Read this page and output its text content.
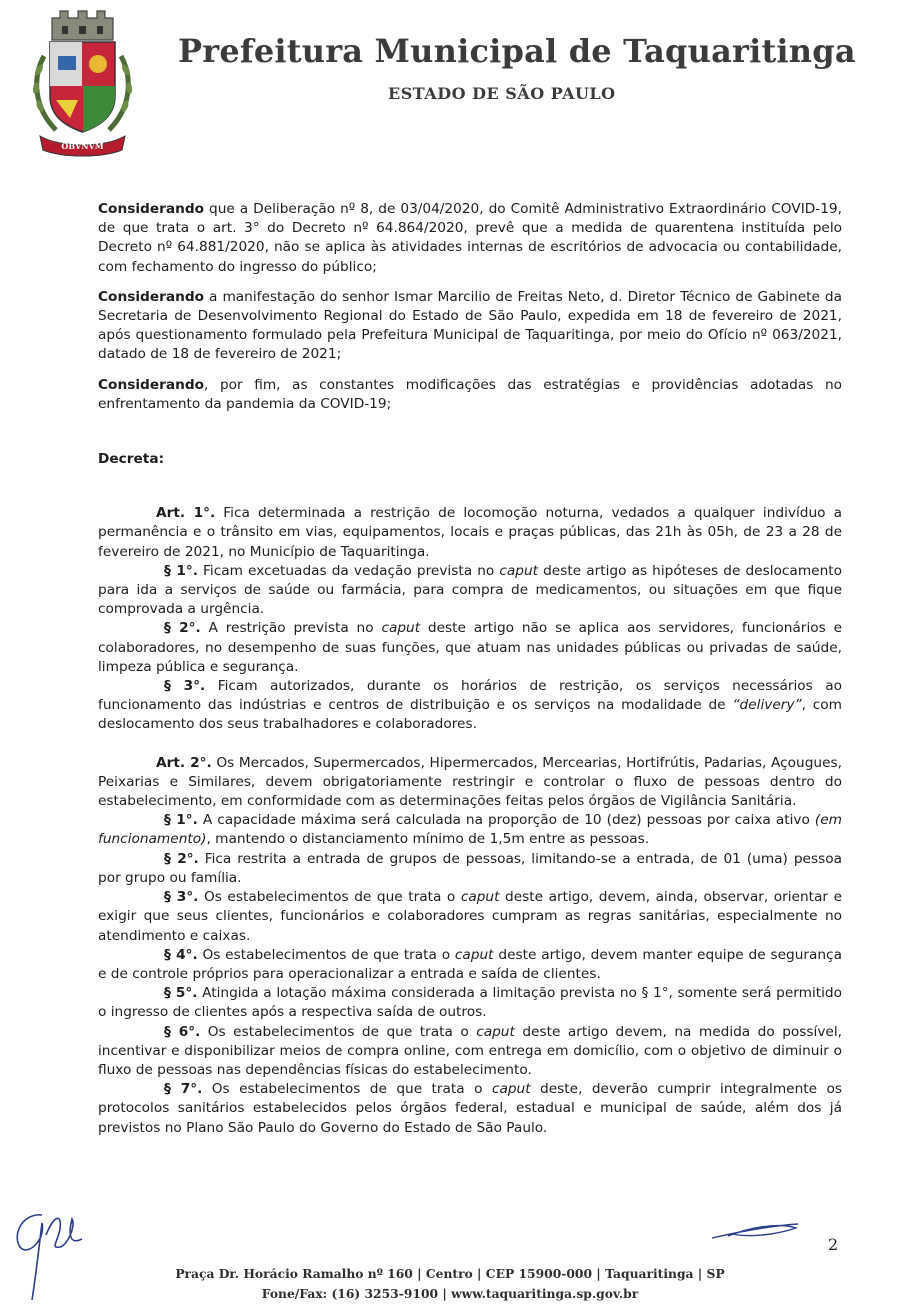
OBVNVM
Prefeitura Municipal de Taquaritinga
ESTADO DE SÃO PAULO

Considerando que a Deliberação nº 8, de 03/04/2020, do Comitê Administrativo Extraordinário COVID-19, de que trata o art. 3° do Decreto nº 64.864/2020, prevê que a medida de quarentena instituída pelo Decreto nº 64.881/2020, não se aplica às atividades internas de escritórios de advocacia ou contabilidade, com fechamento do ingresso do público;

Considerando a manifestação do senhor Ismar Marcilio de Freitas Neto, d. Diretor Técnico de Gabinete da Secretaria de Desenvolvimento Regional do Estado de São Paulo, expedida em 18 de fevereiro de 2021, após questionamento formulado pela Prefeitura Municipal de Taquaritinga, por meio do Ofício nº 063/2021, datado de 18 de fevereiro de 2021;

Considerando, por fim, as constantes modificações das estratégias e providências adotadas no enfrentamento da pandemia da COVID-19;

Decreta:

Art. 1°. Fica determinada a restrição de locomoção noturna, vedados a qualquer indivíduo a permanência e o trânsito em vias, equipamentos, locais e praças públicas, das 21h às 05h, de 23 a 28 de fevereiro de 2021, no Município de Taquaritinga.

§ 1°. Ficam excetuadas da vedação prevista no caput deste artigo as hipóteses de deslocamento para ida a serviços de saúde ou farmácia, para compra de medicamentos, ou situações em que fique comprovada a urgência.

§ 2°. A restrição prevista no caput deste artigo não se aplica aos servidores, funcionários e colaboradores, no desempenho de suas funções, que atuam nas unidades públicas ou privadas de saúde, limpeza pública e segurança.

§ 3°. Ficam autorizados, durante os horários de restrição, os serviços necessários ao funcionamento das indústrias e centros de distribuição e os serviços na modalidade de “delivery”, com deslocamento dos seus trabalhadores e colaboradores.

Art. 2°. Os Mercados, Supermercados, Hipermercados, Mercearias, Hortifrútis, Padarias, Açougues, Peixarias e Similares, devem obrigatoriamente restringir e controlar o fluxo de pessoas dentro do estabelecimento, em conformidade com as determinações feitas pelos órgãos de Vigilância Sanitária.

§ 1°. A capacidade máxima será calculada na proporção de 10 (dez) pessoas por caixa ativo (em funcionamento), mantendo o distanciamento mínimo de 1,5m entre as pessoas.

§ 2°. Fica restrita a entrada de grupos de pessoas, limitando-se a entrada, de 01 (uma) pessoa por grupo ou família.

§ 3°. Os estabelecimentos de que trata o caput deste artigo, devem, ainda, observar, orientar e exigir que seus clientes, funcionários e colaboradores cumpram as regras sanitárias, especialmente no atendimento e caixas.

§ 4°. Os estabelecimentos de que trata o caput deste artigo, devem manter equipe de segurança e de controle próprios para operacionalizar a entrada e saída de clientes.

§ 5°. Atingida a lotação máxima considerada a limitação prevista no § 1°, somente será permitido o ingresso de clientes após a respectiva saída de outros.

§ 6°. Os estabelecimentos de que trata o caput deste artigo devem, na medida do possível, incentivar e disponibilizar meios de compra online, com entrega em domicílio, com o objetivo de diminuir o fluxo de pessoas nas dependências físicas do estabelecimento.

§ 7°. Os estabelecimentos de que trata o caput deste, deverão cumprir integralmente os protocolos sanitários estabelecidos pelos órgãos federal, estadual e municipal de saúde, além dos já previstos no Plano São Paulo do Governo do Estado de São Paulo.

2
Praça Dr. Horácio Ramalho nº 160 | Centro | CEP 15900-000 | Taquaritinga | SP
Fone/Fax: (16) 3253-9100 | www.taquaritinga.sp.gov.br
